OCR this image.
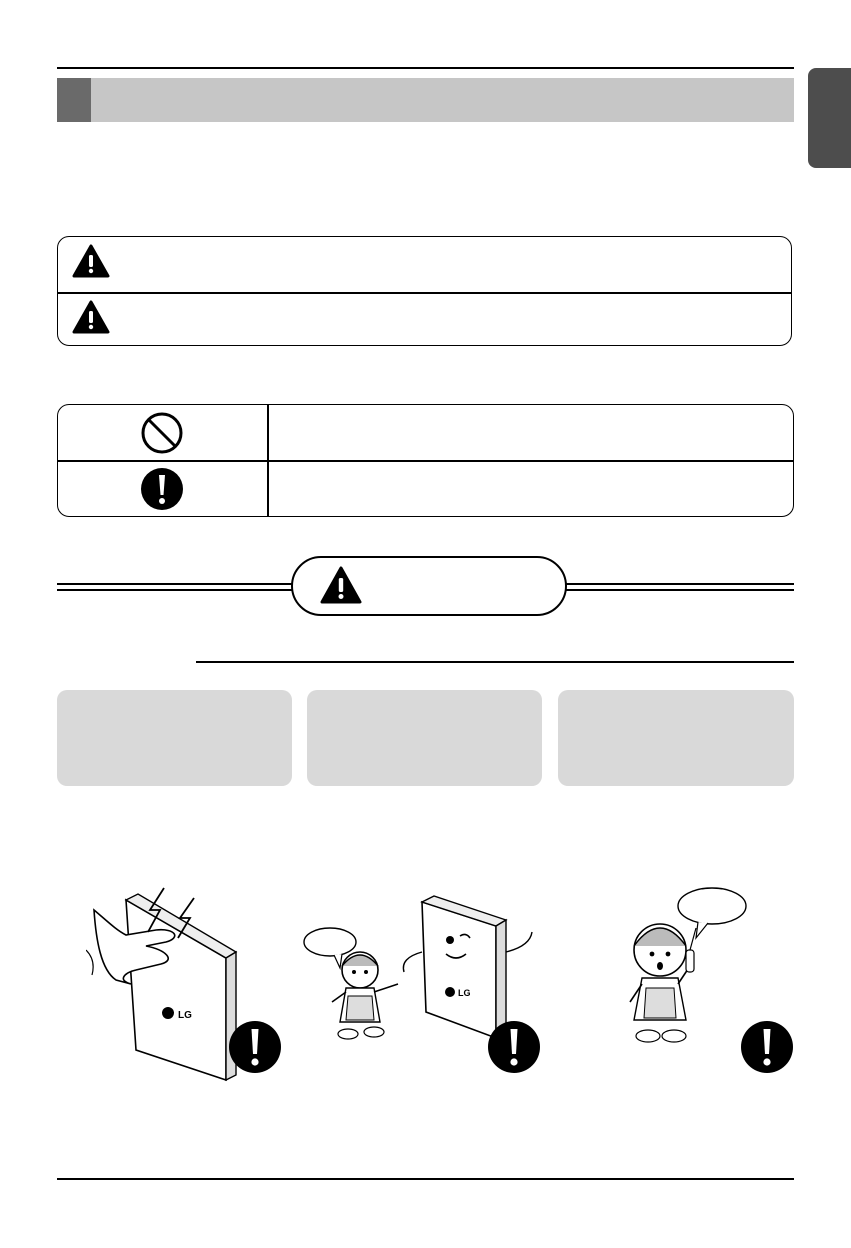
LG
LG
